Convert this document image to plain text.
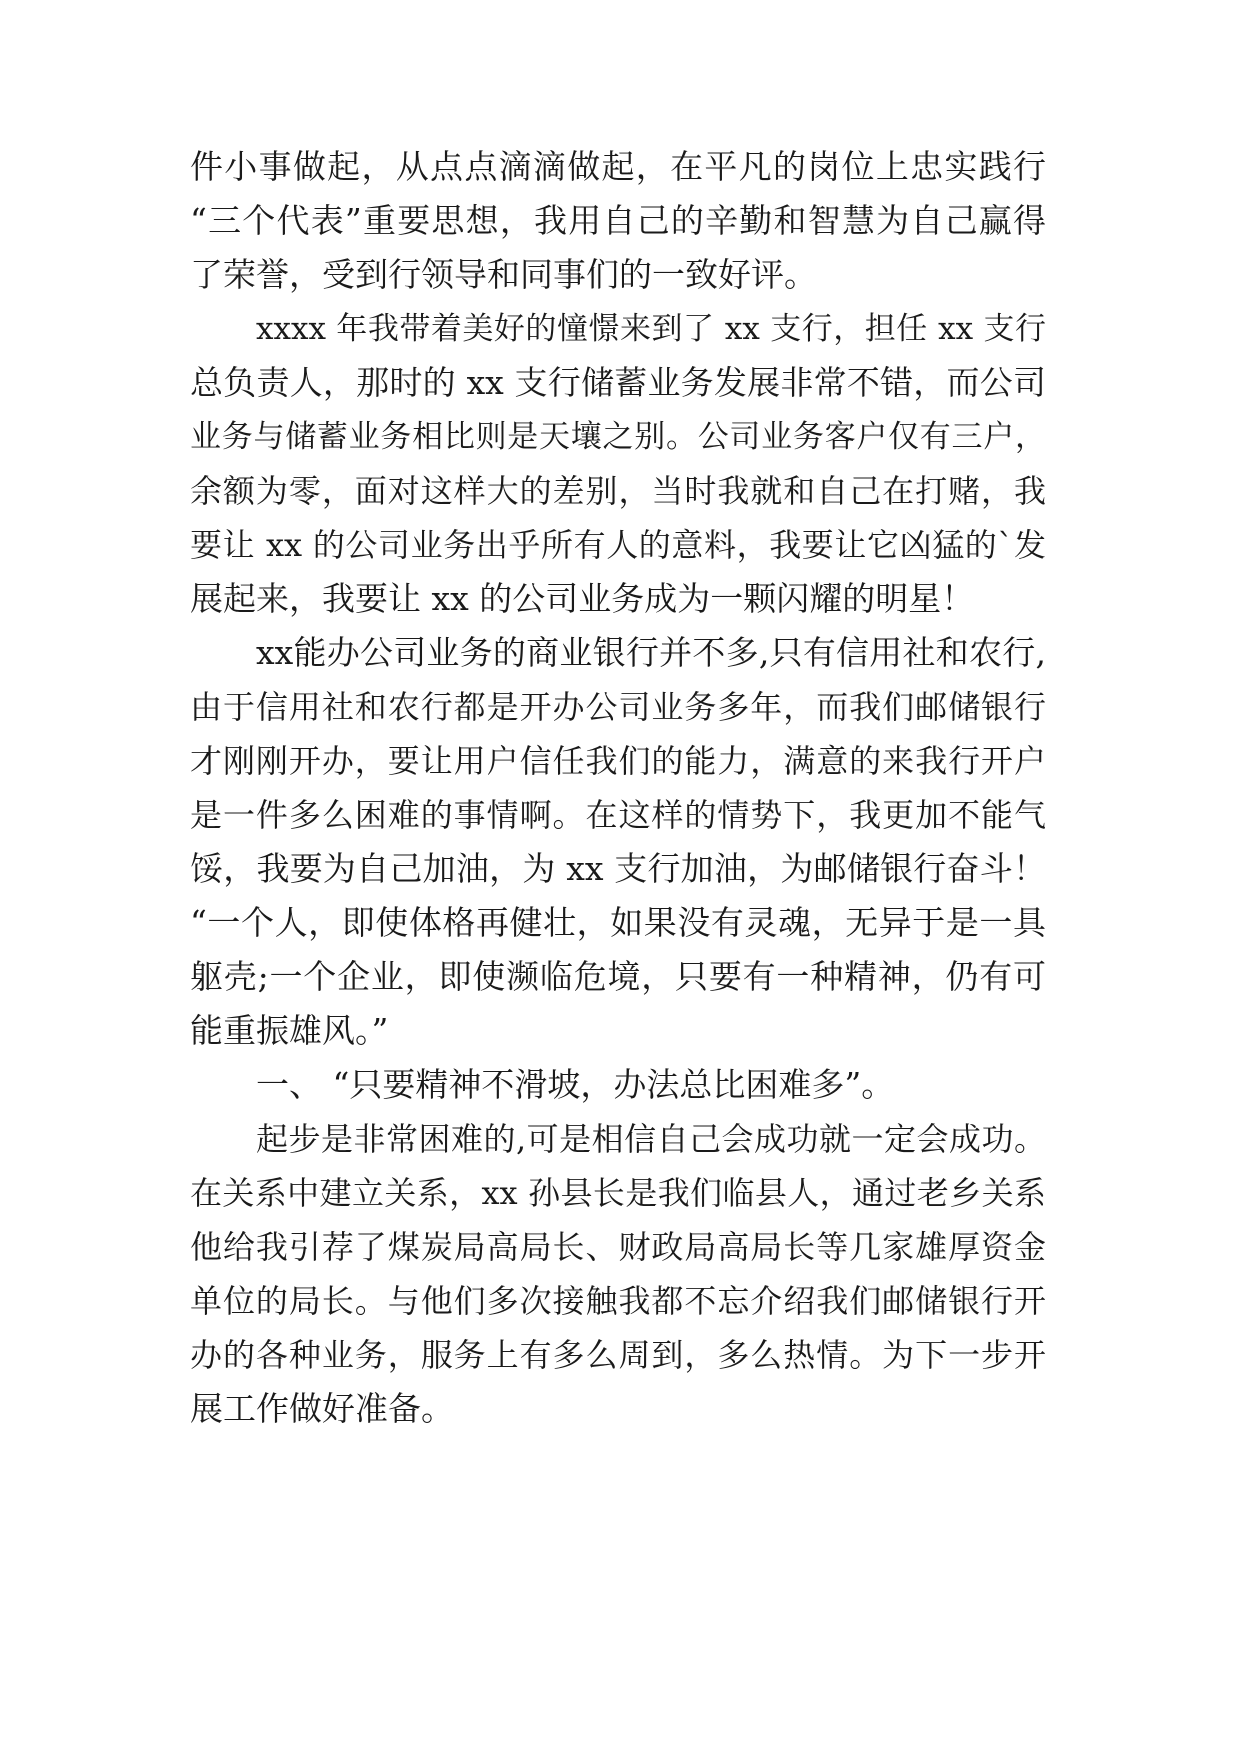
件小事做起，从点点滴滴做起，在平凡的岗位上忠实践行
“三个代表”重要思想，我用自己的辛勤和智慧为自己赢得
了荣誉，受到行领导和同事们的一致好评。
xxxx 年我带着美好的憧憬来到了 xx 支行，担任 xx 支行
总负责人，那时的 xx 支行储蓄业务发展非常不错，而公司
业务与储蓄业务相比则是天壤之别。公司业务客户仅有三户，
余额为零，面对这样大的差别，当时我就和自己在打赌，我
要让 xx 的公司业务出乎所有人的意料，我要让它凶猛的`发
展起来，我要让 xx 的公司业务成为一颗闪耀的明星！
xx能办公司业务的商业银行并不多,只有信用社和农行,
由于信用社和农行都是开办公司业务多年，而我们邮储银行
才刚刚开办，要让用户信任我们的能力，满意的来我行开户
是一件多么困难的事情啊。在这样的情势下，我更加不能气
馁，我要为自己加油，为 xx 支行加油，为邮储银行奋斗！
“一个人，即使体格再健壮，如果没有灵魂，无异于是一具
躯壳;一个企业，即使濒临危境，只要有一种精神，仍有可
能重振雄风。”
一、 “只要精神不滑坡，办法总比困难多”。
起步是非常困难的,可是相信自己会成功就一定会成功。
在关系中建立关系，xx 孙县长是我们临县人，通过老乡关系
他给我引荐了煤炭局高局长、财政局高局长等几家雄厚资金
单位的局长。与他们多次接触我都不忘介绍我们邮储银行开
办的各种业务，服务上有多么周到，多么热情。为下一步开
展工作做好准备。
